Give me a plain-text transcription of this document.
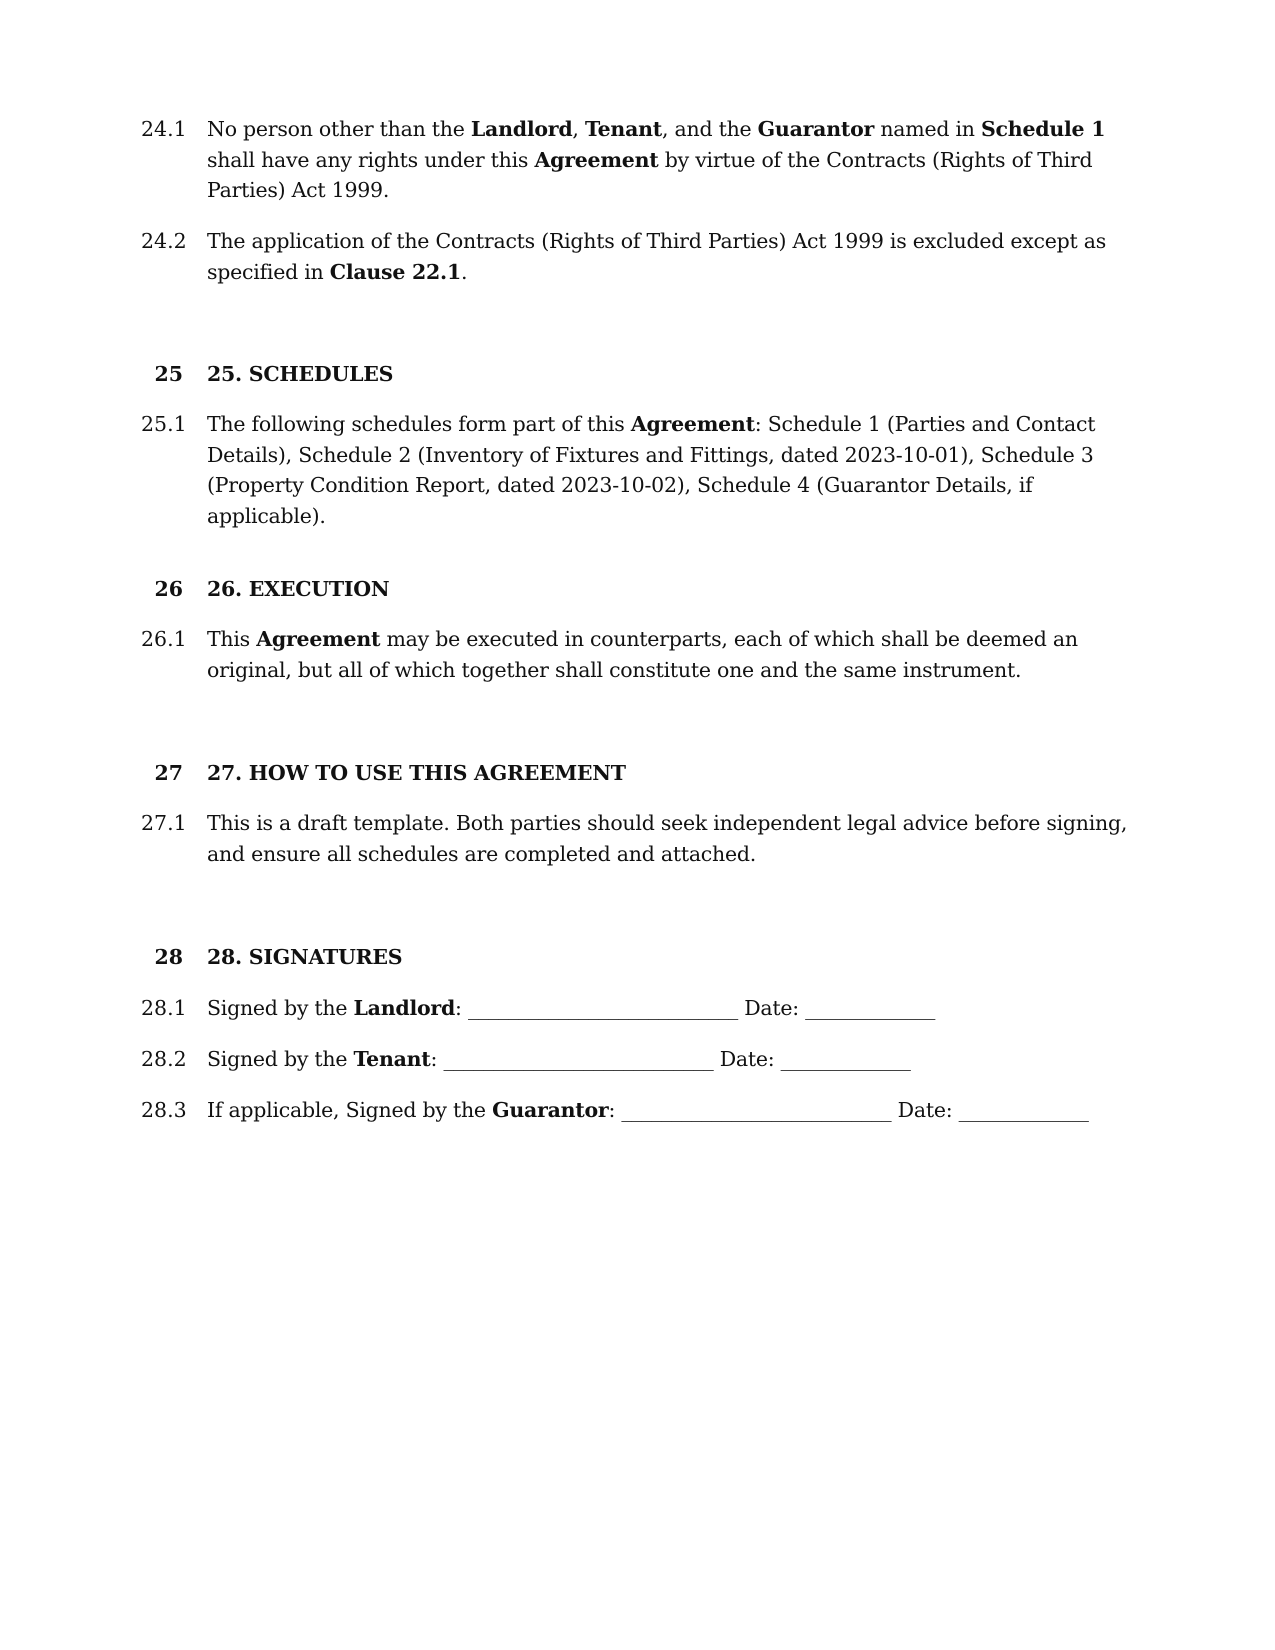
24.1 No person other than the Landlord, Tenant, and the Guarantor named in Schedule 1 shall have any rights under this Agreement by virtue of the Contracts (Rights of Third Parties) Act 1999.
24.2 The application of the Contracts (Rights of Third Parties) Act 1999 is excluded except as specified in Clause 22.1.
25 25. SCHEDULES
25.1 The following schedules form part of this Agreement: Schedule 1 (Parties and Contact Details), Schedule 2 (Inventory of Fixtures and Fittings, dated 2023-10-01), Schedule 3 (Property Condition Report, dated 2023-10-02), Schedule 4 (Guarantor Details, if applicable).
26 26. EXECUTION
26.1 This Agreement may be executed in counterparts, each of which shall be deemed an original, but all of which together shall constitute one and the same instrument.
27 27. HOW TO USE THIS AGREEMENT
27.1 This is a draft template. Both parties should seek independent legal advice before signing, and ensure all schedules are completed and attached.
28 28. SIGNATURES
28.1 Signed by the Landlord: ___________________________ Date: _____________
28.2 Signed by the Tenant: ___________________________ Date: _____________
28.3 If applicable, Signed by the Guarantor: ___________________________ Date: _____________
